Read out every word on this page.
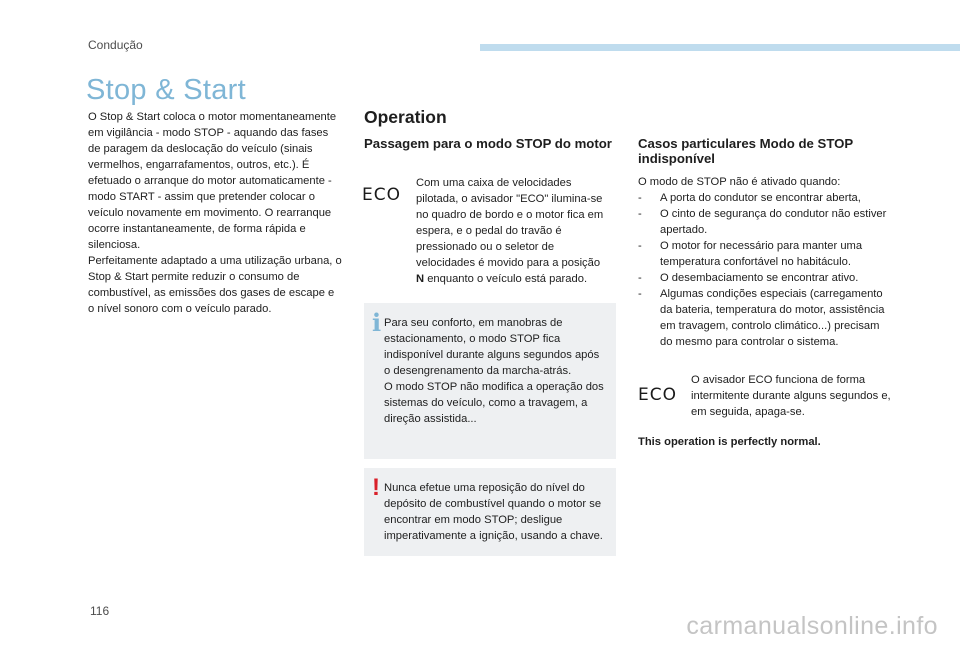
Condução
Stop & Start

O Stop & Start coloca o motor momentaneamente em vigilância - modo STOP - aquando das fases de paragem da deslocação do veículo (sinais vermelhos, engarrafamentos, outros, etc.). É efetuado o arranque do motor automaticamente - modo START - assim que pretender colocar o veículo novamente em movimento. O rearranque ocorre instantaneamente, de forma rápida e silenciosa.

Perfeitamente adaptado a uma utilização urbana, o Stop & Start permite reduzir o consumo de combustível, as emissões dos gases de escape e o nível sonoro com o veículo parado.

Operation
Passagem para o modo STOP do motor
ECO

Com uma caixa de velocidades pilotada, o avisador "ECO" ilumina-se no quadro de bordo e o motor fica em espera, e o pedal do travão é pressionado ou o seletor de velocidades é movido para a posição N enquanto o veículo está parado.

i Para seu conforto, em manobras de estacionamento, o modo STOP fica indisponível durante alguns segundos após o desengrenamento da marcha-atrás.
O modo STOP não modifica a operação dos sistemas do veículo, como a travagem, a direção assistida...

! Nunca efetue uma reposição do nível do depósito de combustível quando o motor se encontrar em modo STOP; desligue imperativamente a ignição, usando a chave.

Casos particulares Modo de STOP indisponível

O modo de STOP não é ativado quando:

- A porta do condutor se encontrar aberta,
- O cinto de segurança do condutor não estiver apertado.
- O motor for necessário para manter uma temperatura confortável no habitáculo.
- O desembaciamento se encontrar ativo.
- Algumas condições especiais (carregamento da bateria, temperatura do motor, assistência em travagem, controlo climático...) precisam do mesmo para controlar o sistema.
ECO

O avisador ECO funciona de forma intermitente durante alguns segundos e, em seguida, apaga-se.

This operation is perfectly normal.

116
carmanualsonline.info
